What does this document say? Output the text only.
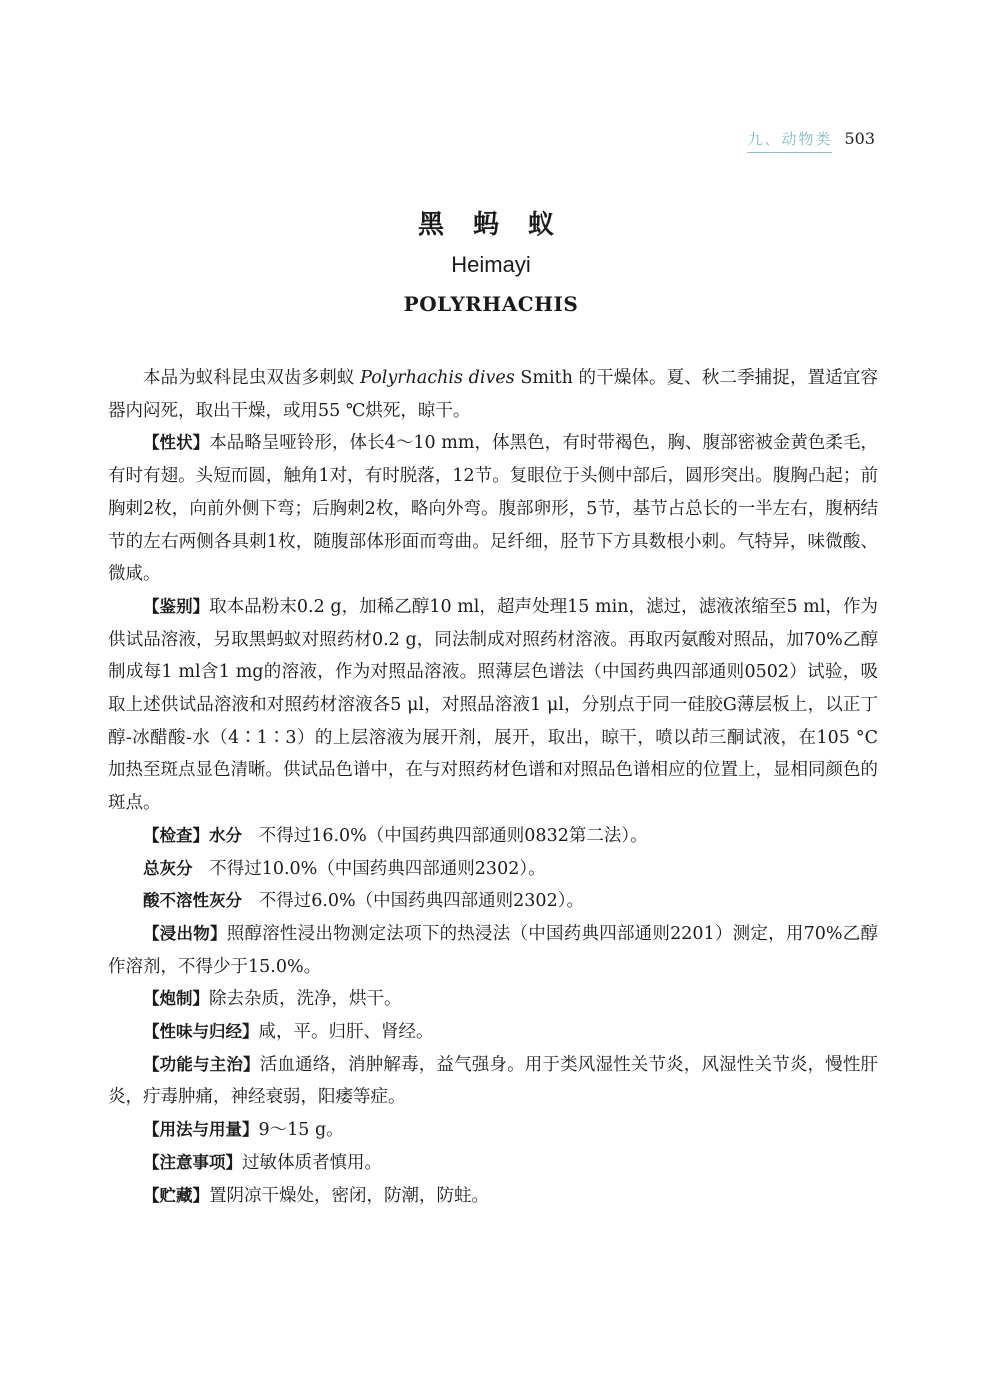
九、动物类 503
黑 蚂 蚁
Heimayi
POLYRHACHIS

本品为蚁科昆虫双齿多刺蚁 Polyrhachis dives Smith 的干燥体。夏、秋二季捕捉，置适宜容器内闷死，取出干燥，或用55 ℃烘死，晾干。

【性状】本品略呈哑铃形，体长4～10 mm，体黑色，有时带褐色，胸、腹部密被金黄色柔毛，有时有翅。头短而圆，触角1对，有时脱落，12节。复眼位于头侧中部后，圆形突出。腹胸凸起；前胸刺2枚，向前外侧下弯；后胸刺2枚，略向外弯。腹部卵形，5节，基节占总长的一半左右，腹柄结节的左右两侧各具刺1枚，随腹部体形面而弯曲。足纤细，胫节下方具数根小刺。气特异，味微酸、微咸。

【鉴别】取本品粉末0.2 g，加稀乙醇10 ml，超声处理15 min，滤过，滤液浓缩至5 ml，作为供试品溶液，另取黑蚂蚁对照药材0.2 g，同法制成对照药材溶液。再取丙氨酸对照品，加70%乙醇制成每1 ml含1 mg的溶液，作为对照品溶液。照薄层色谱法（中国药典四部通则0502）试验，吸取上述供试品溶液和对照药材溶液各5 μl，对照品溶液1 μl，分别点于同一硅胶G薄层板上，以正丁醇-冰醋酸-水（4∶1∶3）的上层溶液为展开剂，展开，取出，晾干，喷以茚三酮试液，在105 °C加热至斑点显色清晰。供试品色谱中，在与对照药材色谱和对照品色谱相应的位置上，显相同颜色的斑点。

【检查】水分 不得过16.0%（中国药典四部通则0832第二法）。

总灰分 不得过10.0%（中国药典四部通则2302）。

酸不溶性灰分 不得过6.0%（中国药典四部通则2302）。

【浸出物】照醇溶性浸出物测定法项下的热浸法（中国药典四部通则2201）测定，用70%乙醇作溶剂，不得少于15.0%。

【炮制】除去杂质，洗净，烘干。

【性味与归经】咸，平。归肝、肾经。

【功能与主治】活血通络，消肿解毒，益气强身。用于类风湿性关节炎，风湿性关节炎，慢性肝炎，疔毒肿痛，神经衰弱，阳痿等症。

【用法与用量】9～15 g。

【注意事项】过敏体质者慎用。

【贮藏】置阴凉干燥处，密闭，防潮，防蛀。
